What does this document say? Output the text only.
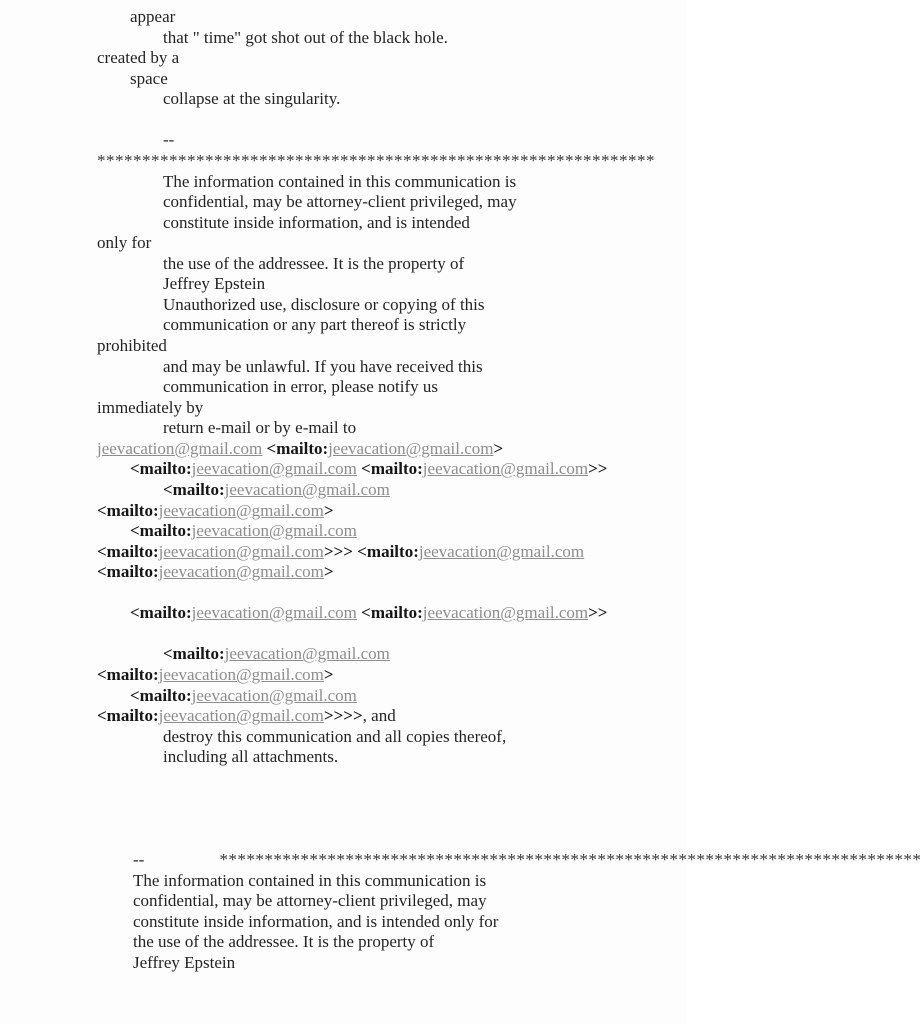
appear
that " time" got shot out of the black hole.
created by a
space
collapse at the singularity.

--
**************************************************************
The information contained in this communication is
confidential, may be attorney-client privileged, may
constitute inside information, and is intended
only for
the use of the addressee. It is the property of
Jeffrey Epstein
Unauthorized use, disclosure or copying of this
communication or any part thereof is strictly
prohibited
and may be unlawful. If you have received this
communication in error, please notify us
immediately by
return e-mail or by e-mail to
jeevacation@gmail.com <mailto:jeevacation@gmail.com>
<mailto:jeevacation@gmail.com <mailto:jeevacation@gmail.com>>
<mailto:jeevacation@gmail.com
<mailto:jeevacation@gmail.com>
<mailto:jeevacation@gmail.com
<mailto:jeevacation@gmail.com>>> <mailto:jeevacation@gmail.com
<mailto:jeevacation@gmail.com>

<mailto:jeevacation@gmail.com <mailto:jeevacation@gmail.com>>

<mailto:jeevacation@gmail.com
<mailto:jeevacation@gmail.com>
<mailto:jeevacation@gmail.com
<mailto:jeevacation@gmail.com>>>>, and
destroy this communication and all copies thereof,
including all attachments.

--	******************************************************************************
The information contained in this communication is
confidential, may be attorney-client privileged, may
constitute inside information, and is intended only for
the use of the addressee. It is the property of
Jeffrey Epstein
